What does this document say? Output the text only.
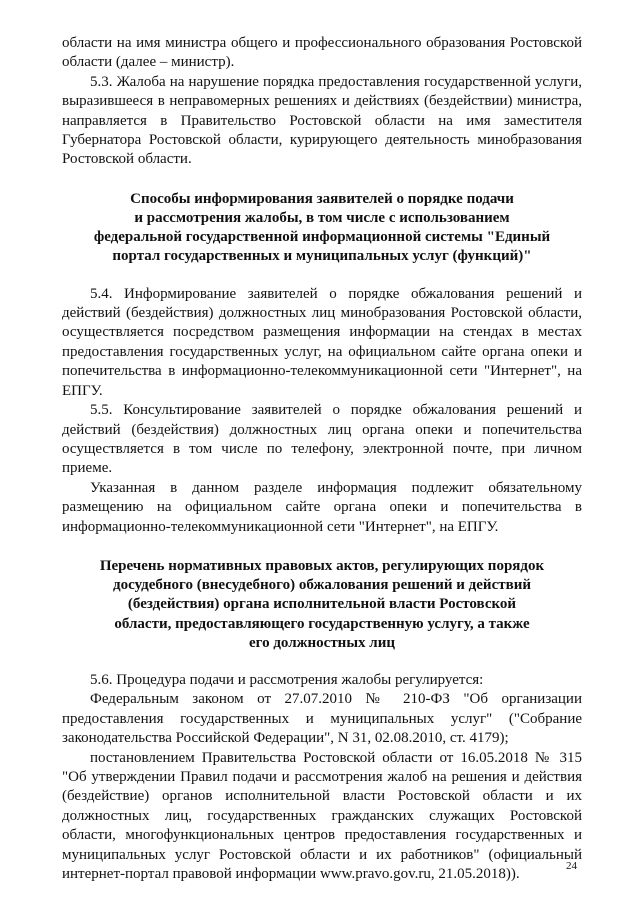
области на имя министра общего и профессионального образования Ростовской области (далее – министр).

5.3. Жалоба на нарушение порядка предоставления государственной услуги, выразившееся в неправомерных решениях и действиях (бездействии) министра, направляется в Правительство Ростовской области на имя заместителя Губернатора Ростовской области, курирующего деятельность минобразования Ростовской области.

Способы информирования заявителей о порядке подачи
и рассмотрения жалобы, в том числе с использованием
федеральной государственной информационной системы "Единый
портал государственных и муниципальных услуг (функций)"

5.4. Информирование заявителей о порядке обжалования решений и действий (бездействия) должностных лиц минобразования Ростовской области, осуществляется посредством размещения информации на стендах в местах предоставления государственных услуг, на официальном сайте органа опеки и попечительства в информационно-телекоммуникационной сети "Интернет", на ЕПГУ.

5.5. Консультирование заявителей о порядке обжалования решений и действий (бездействия) должностных лиц органа опеки и попечительства осуществляется в том числе по телефону, электронной почте, при личном приеме.

Указанная в данном разделе информация подлежит обязательному размещению на официальном сайте органа опеки и попечительства в информационно-телекоммуникационной сети "Интернет", на ЕПГУ.

Перечень нормативных правовых актов, регулирующих порядок
досудебного (внесудебного) обжалования решений и действий
(бездействия) органа исполнительной власти Ростовской
области, предоставляющего государственную услугу, а также
его должностных лиц

5.6. Процедура подачи и рассмотрения жалобы регулируется:

Федеральным законом от 27.07.2010 № 210-ФЗ "Об организации предоставления государственных и муниципальных услуг" ("Собрание законодательства Российской Федерации", N 31, 02.08.2010, ст. 4179);

постановлением Правительства Ростовской области от 16.05.2018 № 315 "Об утверждении Правил подачи и рассмотрения жалоб на решения и действия (бездействие) органов исполнительной власти Ростовской области и их должностных лиц, государственных гражданских служащих Ростовской области, многофункциональных центров предоставления государственных и муниципальных услуг Ростовской области и их работников" (официальный интернет-портал правовой информации www.pravo.gov.ru, 21.05.2018)).

24
